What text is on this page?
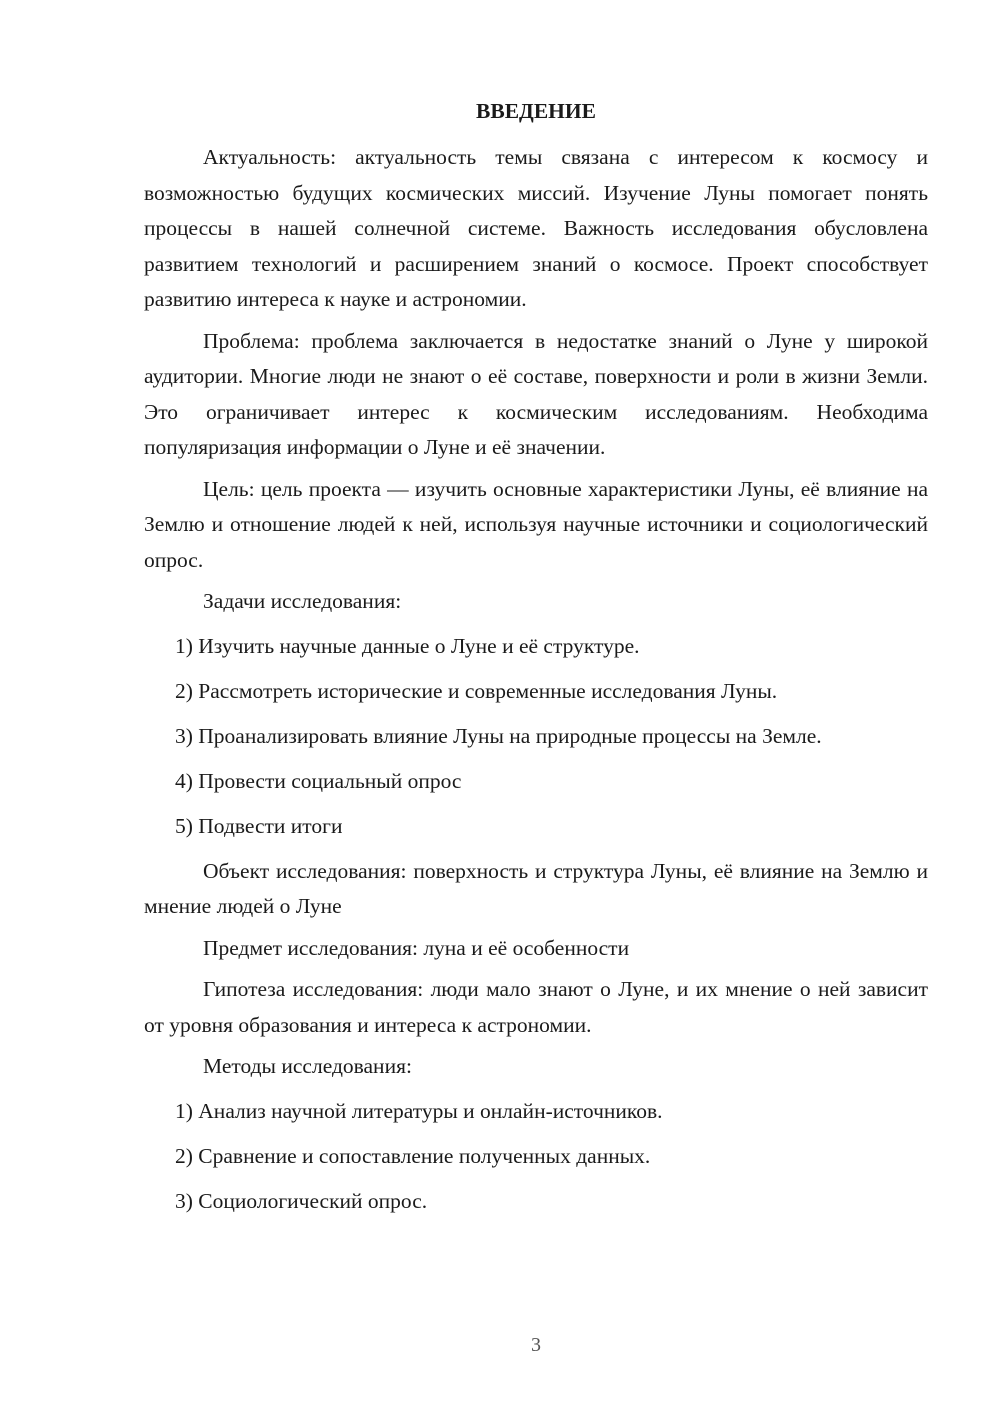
ВВЕДЕНИЕ

Актуальность: актуальность темы связана с интересом к космосу и возможностью будущих космических миссий. Изучение Луны помогает понять процессы в нашей солнечной системе. Важность исследования обусловлена развитием технологий и расширением знаний о космосе. Проект способствует развитию интереса к науке и астрономии.

Проблема: проблема заключается в недостатке знаний о Луне у широкой аудитории. Многие люди не знают о её составе, поверхности и роли в жизни Земли. Это ограничивает интерес к космическим исследованиям. Необходима популяризация информации о Луне и её значении.

Цель: цель проекта — изучить основные характеристики Луны, её влияние на Землю и отношение людей к ней, используя научные источники и социологический опрос.

Задачи исследования:
1) Изучить научные данные о Луне и её структуре.
2) Рассмотреть исторические и современные исследования Луны.
3) Проанализировать влияние Луны на природные процессы на Земле.
4) Провести социальный опрос
5) Подвести итоги

Объект исследования: поверхность и структура Луны, её влияние на Землю и мнение людей о Луне

Предмет исследования: луна и её особенности

Гипотеза исследования: люди мало знают о Луне, и их мнение о ней зависит от уровня образования и интереса к астрономии.

Методы исследования:
1) Анализ научной литературы и онлайн-источников.
2) Сравнение и сопоставление полученных данных.
3) Социологический опрос.
3
